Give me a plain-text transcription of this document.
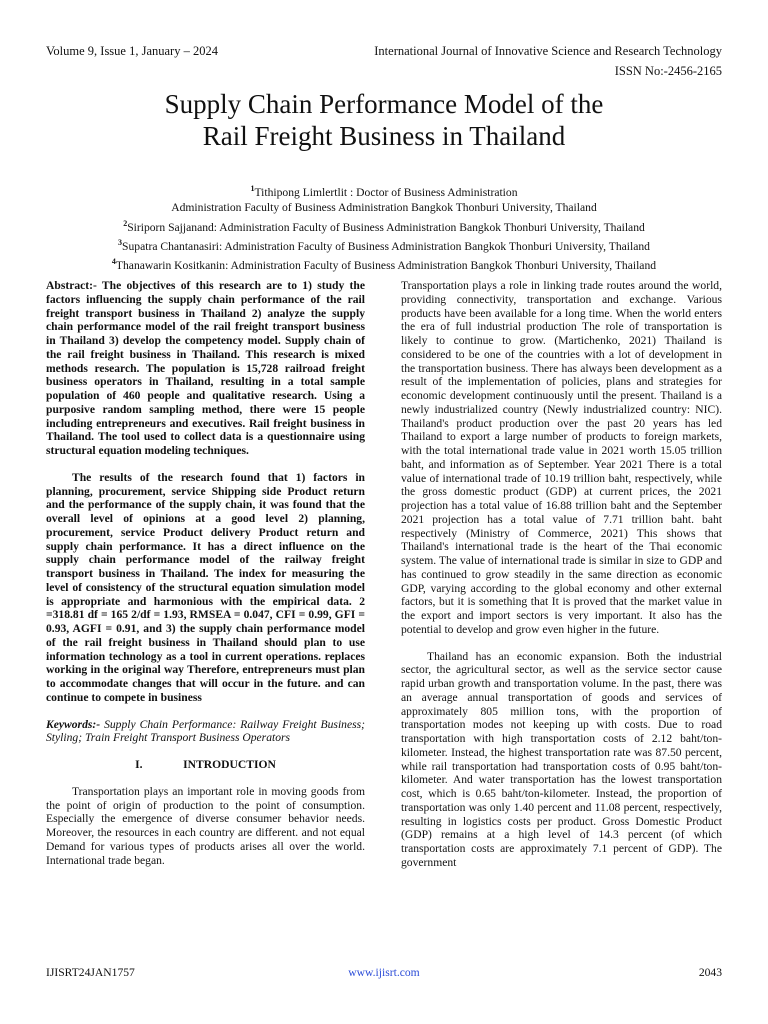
Volume 9, Issue 1, January – 2024	International Journal of Innovative Science and Research Technology
ISSN No:-2456-2165
Supply Chain Performance Model of the
Rail Freight Business in Thailand
$^1$Tithipong Limlertlit : Doctor of Business Administration
Administration Faculty of Business Administration Bangkok Thonburi University, Thailand
$^2$Siriporn Sajjanand: Administration Faculty of Business Administration Bangkok Thonburi University, Thailand
$^3$Supatra Chantanasiri: Administration Faculty of Business Administration Bangkok Thonburi University, Thailand
$^4$Thanawarin Kositkanin: Administration Faculty of Business Administration Bangkok Thonburi University, Thailand

Abstract:- The objectives of this research are to 1) study the factors influencing the supply chain performance of the rail freight transport business in Thailand 2) analyze the supply chain performance model of the rail freight transport business in Thailand 3) develop the competency model. Supply chain of the rail freight business in Thailand. This research is mixed methods research. The population is 15,728 railroad freight business operators in Thailand, resulting in a total sample population of 460 people and qualitative research. Using a purposive random sampling method, there were 15 people including entrepreneurs and executives. Rail freight business in Thailand. The tool used to collect data is a questionnaire using structural equation modeling techniques.

The results of the research found that 1) factors in planning, procurement, service Shipping side Product return and the performance of the supply chain, it was found that the overall level of opinions at a good level 2) planning, procurement, service Product delivery Product return and supply chain performance. It has a direct influence on the supply chain performance model of the railway freight transport business in Thailand. The index for measuring the level of consistency of the structural equation simulation model is appropriate and harmonious with the empirical data. 2 =318.81 df = 165 2/df = 1.93, RMSEA = 0.047, CFI = 0.99, GFI = 0.93, AGFI = 0.91, and 3) the supply chain performance model of the rail freight business in Thailand should plan to use information technology as a tool in current operations. replaces working in the original way Therefore, entrepreneurs must plan to accommodate changes that will occur in the future. and can continue to compete in business

Keywords:- Supply Chain Performance: Railway Freight Business; Styling; Train Freight Transport Business Operators

I.	INTRODUCTION

Transportation plays an important role in moving goods from the point of origin of production to the point of consumption. Especially the emergence of diverse consumer behavior needs. Moreover, the resources in each country are different. and not equal Demand for various types of products arises all over the world. International trade began.

Transportation plays a role in linking trade routes around the world, providing connectivity, transportation and exchange. Various products have been available for a long time. When the world enters the era of full industrial production The role of transportation is likely to continue to grow. (Martichenko, 2021) Thailand is considered to be one of the countries with a lot of development in the transportation business. There has always been development as a result of the implementation of policies, plans and strategies for economic development continuously until the present. Thailand is a newly industrialized country (Newly industrialized country: NIC). Thailand's product production over the past 20 years has led Thailand to export a large number of products to foreign markets, with the total international trade value in 2021 worth 15.05 trillion baht, and information as of September. Year 2021 There is a total value of international trade of 10.19 trillion baht, respectively, while the gross domestic product (GDP) at current prices, the 2021 projection has a total value of 16.88 trillion baht and the September 2021 projection has a total value of 7.71 trillion baht. baht respectively (Ministry of Commerce, 2021) This shows that Thailand's international trade is the heart of the Thai economic system. The value of international trade is similar in size to GDP and has continued to grow steadily in the same direction as economic GDP, varying according to the global economy and other external factors, but it is something that It is proved that the market value in the export and import sectors is very important. It also has the potential to develop and grow even higher in the future.

Thailand has an economic expansion. Both the industrial sector, the agricultural sector, as well as the service sector cause rapid urban growth and transportation volume. In the past, there was an average annual transportation of goods and services of approximately 805 million tons, with the proportion of transportation modes not keeping up with costs. Due to road transportation with high transportation costs of 2.12 baht/ton-kilometer. Instead, the highest transportation rate was 87.50 percent, while rail transportation had transportation costs of 0.95 baht/ton-kilometer. And water transportation has the lowest transportation cost, which is 0.65 baht/ton-kilometer. Instead, the proportion of transportation was only 1.40 percent and 11.08 percent, respectively, resulting in logistics costs per product. Gross Domestic Product (GDP) remains at a high level of 14.3 percent (of which transportation costs are approximately 7.1 percent of GDP). The government

IJISRT24JAN1757	www.ijisrt.com	2043
